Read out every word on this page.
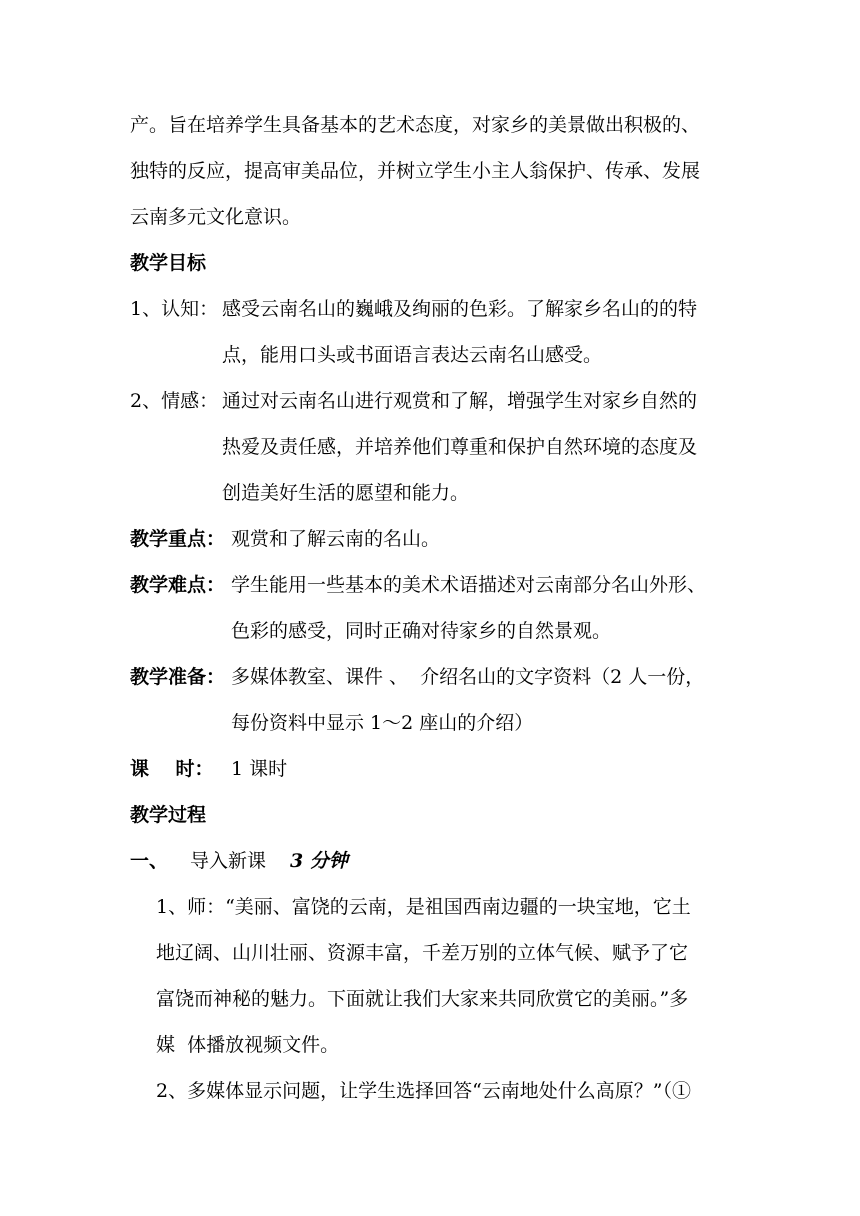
产。旨在培养学生具备基本的艺术态度，对家乡的美景做出积极的、
独特的反应，提高审美品位，并树立学生小主人翁保护、传承、发展
云南多元文化意识。
教学目标
1、认知： 感受云南名山的巍峨及绚丽的色彩。了解家乡名山的的特
点，能用口头或书面语言表达云南名山感受。
2、情感： 通过对云南名山进行观赏和了解，增强学生对家乡自然的
热爱及责任感，并培养他们尊重和保护自然环境的态度及
创造美好生活的愿望和能力。
教学重点： 观赏和了解云南的名山。
教学难点： 学生能用一些基本的美术术语描述对云南部分名山外形、
色彩的感受，同时正确对待家乡的自然景观。
教学准备： 多媒体教室、课件 、  介绍名山的文字资料（2 人一份，
每份资料中显示 1～2 座山的介绍）
课    时： 1 课时
教学过程
一、 导入新课 3 分钟
1、师：“美丽、富饶的云南，是祖国西南边疆的一块宝地，它土
地辽阔、山川壮丽、资源丰富，千差万别的立体气候、赋予了它
富饶而神秘的魅力。下面就让我们大家来共同欣赏它的美丽。”多
媒  体播放视频文件。
2、多媒体显示问题，让学生选择回答“云南地处什么高原？”（①
